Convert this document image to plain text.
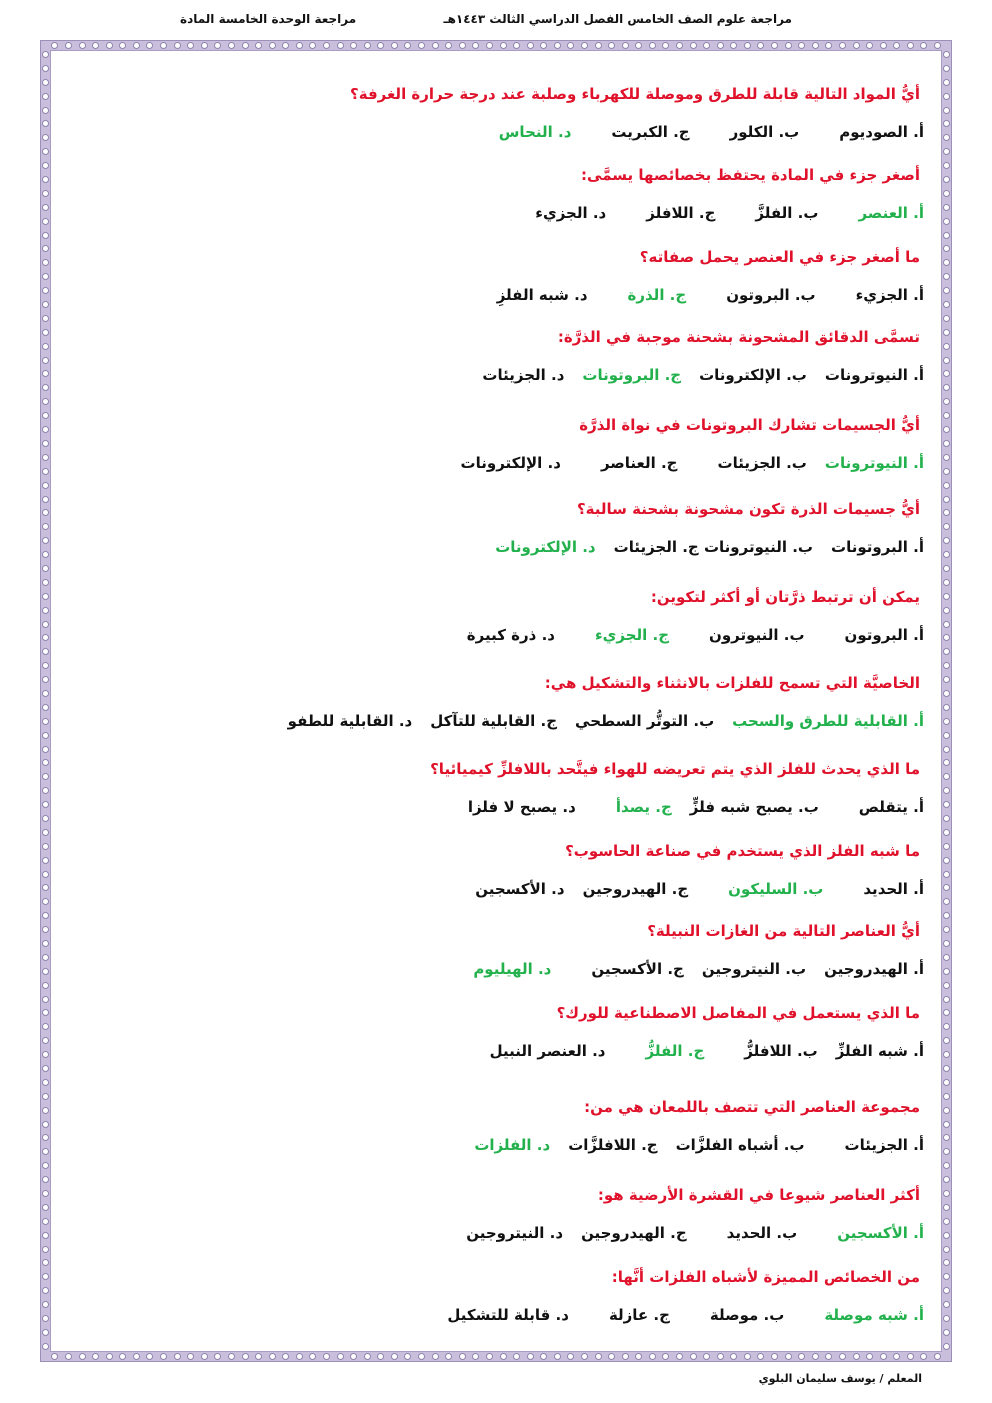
مراجعة علوم الصف الخامس الفصل الدراسي الثالث ١٤٤٣هـ
مراجعة الوحدة الخامسة المادة
أيُّ المواد التالية قابلة للطرق وموصلة للكهرباء وصلبة عند درجة حرارة الغرفة؟
أ. الصوديوم
ب. الكلور
ج. الكبريت
د. النحاس
أصغر جزء في المادة يحتفظ بخصائصها يسمَّى:
أ. العنصر
ب. الفلزَّ
ج. اللافلز
د. الجزيء
ما أصغر جزء في العنصر يحمل صفاته؟
أ. الجزيء
ب. البروتون
ج. الذرة
د. شبه الفلزِ
تسمَّى الدقائق المشحونة بشحنة موجبة في الذرَّة:
أ. النيوترونات
ب. الإلكترونات
ج. البروتونات
د. الجزيئات
أيُّ الجسيمات تشارك البروتونات في نواة الذرَّة
أ. النيوترونات
ب. الجزيئات
ج. العناصر
د. الإلكترونات
أيُّ جسيمات الذرة تكون مشحونة بشحنة سالبة؟
أ. البروتونات
ب. النيوترونات ج. الجزيئات
د. الإلكترونات
يمكن أن ترتبط ذرَّتان أو أكثر لتكوين:
أ. البروتون
ب. النيوترون
ج. الجزيء
د. ذرة كبيرة
الخاصيَّة التي تسمح للفلزات بالانثناء والتشكيل هي:
أ. القابلية للطرق والسحب
ب. التوتُّر السطحي
ج. القابلية للتآكل
د. القابلية للطفو
ما الذي يحدث للفلز الذي يتم تعريضه للهواء فيتَّحد باللافلزِّ كيميائيا؟
أ. يتقلص
ب. يصبح شبه فلزٍّ
ج. يصدأ
د. يصبح لا فلزا
ما شبه الفلز الذي يستخدم في صناعة الحاسوب؟
أ. الحديد
ب. السليكون
ج. الهيدروجين
د. الأكسجين
أيُّ العناصر التالية من الغازات النبيلة؟
أ. الهيدروجين
ب. النيتروجين
ج. الأكسجين
د. الهيليوم
ما الذي يستعمل في المفاصل الاصطناعية للورك؟
أ. شبه الفلزِّ
ب. اللافلزُّ
ج. الفلزُّ
د. العنصر النبيل
مجموعة العناصر التي تتصف باللمعان هي من:
أ. الجزيئات
ب. أشباه الفلزَّات
ج. اللافلزَّات
د. الفلزات
أكثر العناصر شيوعا في القشرة الأرضية هو:
أ. الأكسجين
ب. الحديد
ج. الهيدروجين
د. النيتروجين
من الخصائص المميزة لأشباه الفلزات أنَّها:
أ. شبه موصلة
ب. موصلة
ج. عازلة
د. قابلة للتشكيل
المعلم / يوسف سليمان البلوي
